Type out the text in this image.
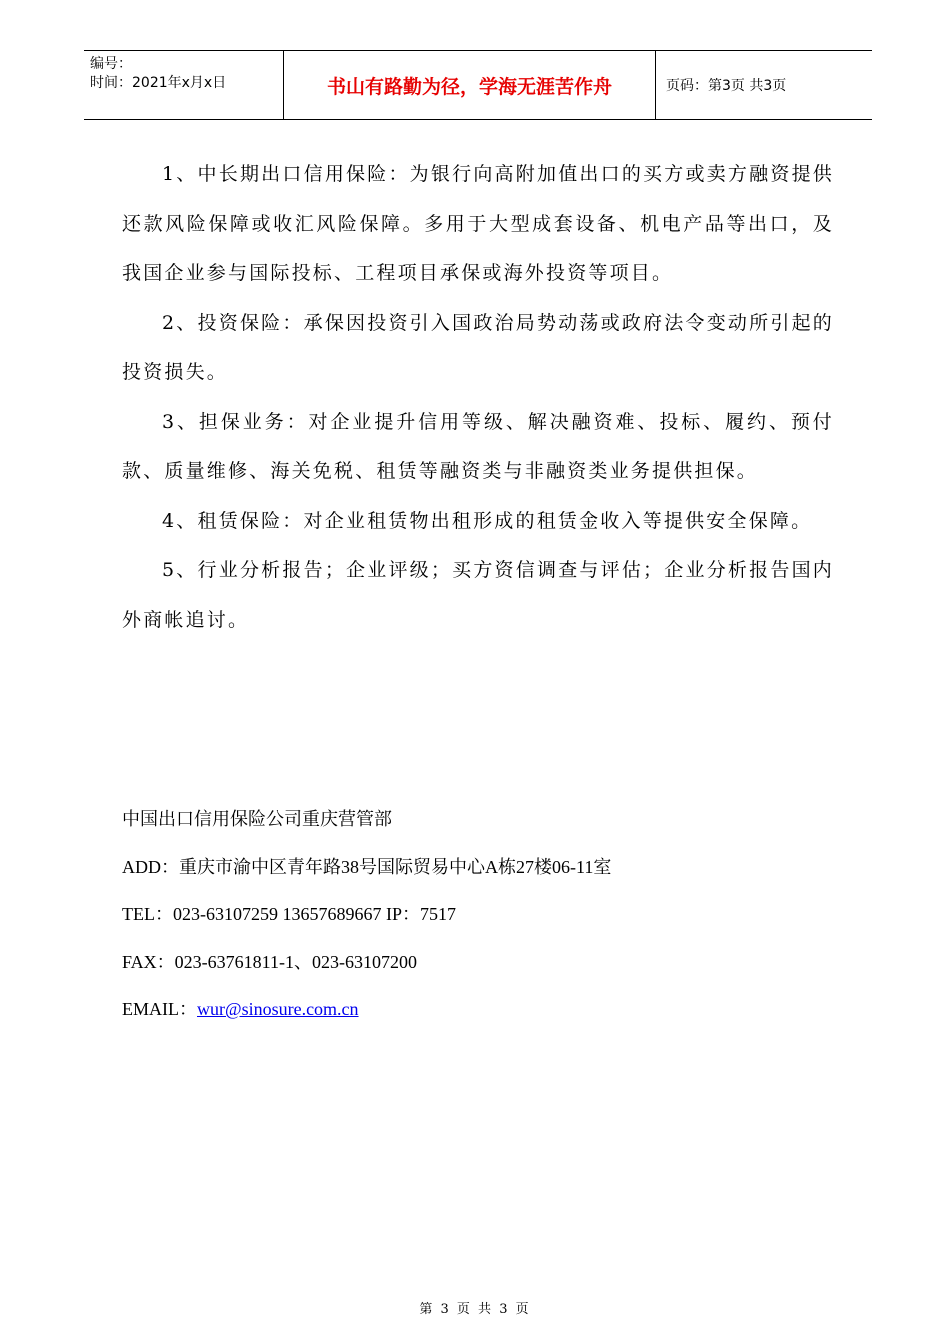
编号：
时间：2021年x月x日	书山有路勤为径，学海无涯苦作舟	页码：第3页 共3页

1、中长期出口信用保险：为银行向高附加值出口的买方或卖方融资提供还款风险保障或收汇风险保障。多用于大型成套设备、机电产品等出口，及我国企业参与国际投标、工程项目承保或海外投资等项目。

2、投资保险：承保因投资引入国政治局势动荡或政府法令变动所引起的投资损失。

3、担保业务：对企业提升信用等级、解决融资难、投标、履约、预付款、质量维修、海关免税、租赁等融资类与非融资类业务提供担保。

4、租赁保险：对企业租赁物出租形成的租赁金收入等提供安全保障。

5、行业分析报告；企业评级；买方资信调查与评估；企业分析报告国内外商帐追讨。

中国出口信用保险公司重庆营管部
ADD：重庆市渝中区青年路38号国际贸易中心A栋27楼06-11室
TEL：023-63107259 13657689667 IP：7517
FAX：023-63761811-1、023-63107200
EMAIL：wur@sinosure.com.cn
第 3 页 共 3 页
